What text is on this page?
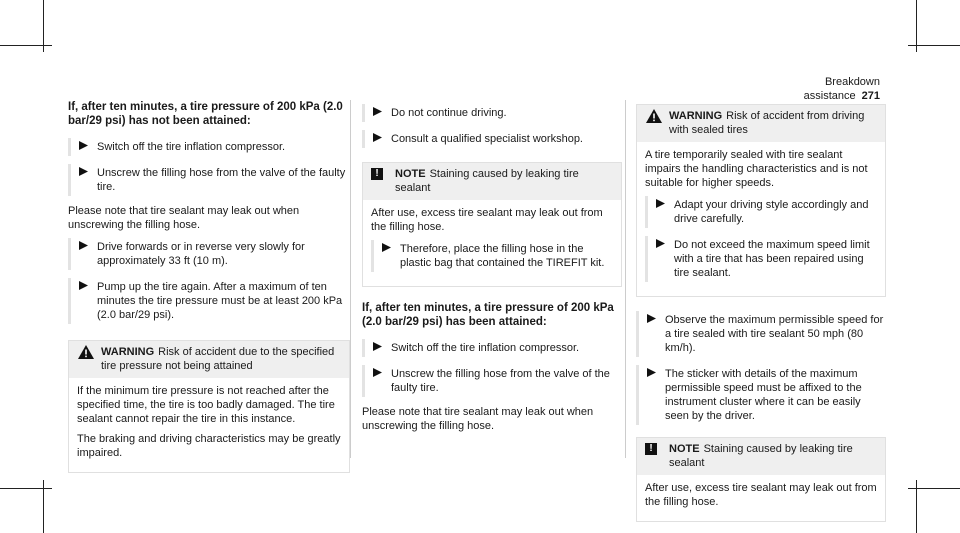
Breakdown assistance 271
If, after ten minutes, a tire pressure of 200 kPa (2.0 bar/29 psi) has not been attained:
Switch off the tire inflation compressor.
Unscrew the filling hose from the valve of the faulty tire.

Please note that tire sealant may leak out when unscrewing the filling hose.

Drive forwards or in reverse very slowly for approximately 33 ft (10 m).
Pump up the tire again. After a maximum of ten minutes the tire pressure must be at least 200 kPa (2.0 bar/29 psi).
WARNING Risk of accident due to the specified tire pressure not being attained

If the minimum tire pressure is not reached after the specified time, the tire is too badly damaged. The tire sealant cannot repair the tire in this instance.

The braking and driving characteristics may be greatly impaired.

Do not continue driving.
Consult a qualified specialist workshop.
!	NOTE Staining caused by leaking tire sealant

After use, excess tire sealant may leak out from the filling hose.

Therefore, place the filling hose in the plastic bag that contained the TIREFIT kit.
If, after ten minutes, a tire pressure of 200 kPa (2.0 bar/29 psi) has been attained:
Switch off the tire inflation compressor.
Unscrew the filling hose from the valve of the faulty tire.

Please note that tire sealant may leak out when unscrewing the filling hose.

WARNING Risk of accident from driving with sealed tires

A tire temporarily sealed with tire sealant impairs the handling characteristics and is not suitable for higher speeds.

Adapt your driving style accordingly and drive carefully.
Do not exceed the maximum speed limit with a tire that has been repaired using tire sealant.
Observe the maximum permissible speed for a tire sealed with tire sealant 50 mph (80 km/h).
The sticker with details of the maximum permissible speed must be affixed to the instrument cluster where it can be easily seen by the driver.
!	NOTE Staining caused by leaking tire sealant

After use, excess tire sealant may leak out from the filling hose.
